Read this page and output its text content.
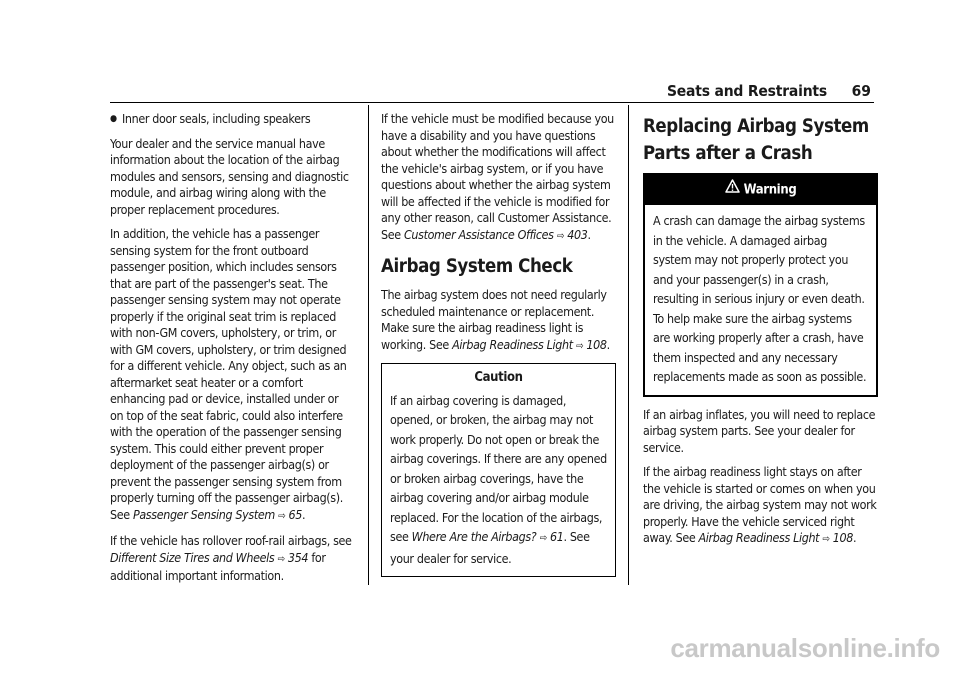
Seats and Restraints 69
● Inner door seals, including speakers

Your dealer and the service manual have information about the location of the airbag modules and sensors, sensing and diagnostic module, and airbag wiring along with the proper replacement procedures.

In addition, the vehicle has a passenger sensing system for the front outboard passenger position, which includes sensors that are part of the passenger's seat. The passenger sensing system may not operate properly if the original seat trim is replaced with non-GM covers, upholstery, or trim, or with GM covers, upholstery, or trim designed for a different vehicle. Any object, such as an aftermarket seat heater or a comfort enhancing pad or device, installed under or on top of the seat fabric, could also interfere with the operation of the passenger sensing system. This could either prevent proper deployment of the passenger airbag(s) or prevent the passenger sensing system from properly turning off the passenger airbag(s). See Passenger Sensing System ⇨ 65.

If the vehicle has rollover roof-rail airbags, see Different Size Tires and Wheels ⇨ 354 for additional important information.

If the vehicle must be modified because you have a disability and you have questions about whether the modifications will affect the vehicle's airbag system, or if you have questions about whether the airbag system will be affected if the vehicle is modified for any other reason, call Customer Assistance. See Customer Assistance Offices ⇨ 403.

Airbag System Check

The airbag system does not need regularly scheduled maintenance or replacement. Make sure the airbag readiness light is working. See Airbag Readiness Light ⇨ 108.

Caution
If an airbag covering is damaged, opened, or broken, the airbag may not work properly. Do not open or break the airbag coverings. If there are any opened or broken airbag coverings, have the airbag covering and/or airbag module replaced. For the location of the airbags, see Where Are the Airbags? ⇨ 61. See your dealer for service.
Replacing Airbag System Parts after a Crash
Warning
A crash can damage the airbag systems in the vehicle. A damaged airbag system may not properly protect you and your passenger(s) in a crash, resulting in serious injury or even death. To help make sure the airbag systems are working properly after a crash, have them inspected and any necessary replacements made as soon as possible.

If an airbag inflates, you will need to replace airbag system parts. See your dealer for service.

If the airbag readiness light stays on after the vehicle is started or comes on when you are driving, the airbag system may not work properly. Have the vehicle serviced right away. See Airbag Readiness Light ⇨ 108.

carmanualsonline.info
